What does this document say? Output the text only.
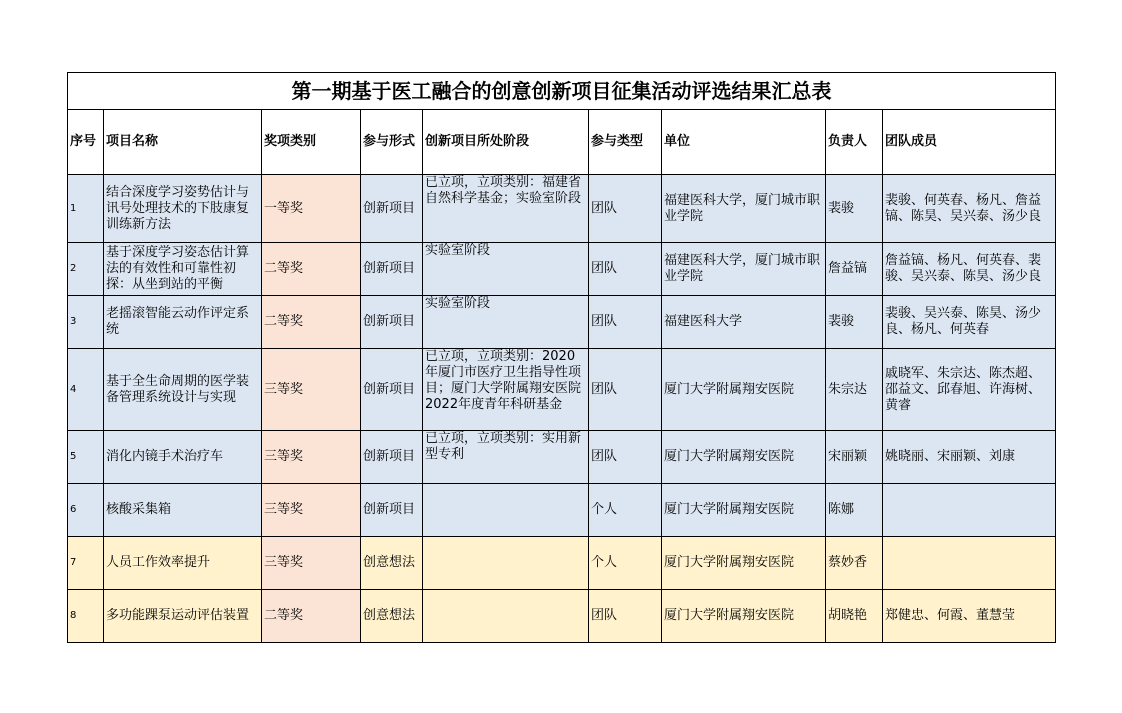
第一期基于医工融合的创意创新项目征集活动评选结果汇总表								
序号	项目名称	奖项类别	参与形式	创新项目所处阶段	参与类型	单位	负责人	团队成员
1	结合深度学习姿势估计与讯号处理技术的下肢康复训练新方法	一等奖	创新项目	已立项，立项类别：福建省自然科学基金；实验室阶段	团队	福建医科大学，厦门城市职业学院	裴骏	裴骏、何英春、杨凡、詹益镐、陈昊、吴兴泰、汤少良
2	基于深度学习姿态估计算法的有效性和可靠性初探：从坐到站的平衡	二等奖	创新项目	实验室阶段	团队	福建医科大学，厦门城市职业学院	詹益镐	詹益镐、杨凡、何英春、裴骏、吴兴泰、陈昊、汤少良
3	老摇滚智能云动作评定系统	二等奖	创新项目	实验室阶段	团队	福建医科大学	裴骏	裴骏、吴兴泰、陈昊、汤少良、杨凡、何英春
4	基于全生命周期的医学装备管理系统设计与实现	三等奖	创新项目	已立项，立项类别：2020年厦门市医疗卫生指导性项目；厦门大学附属翔安医院2022年度青年科研基金	团队	厦门大学附属翔安医院	朱宗达	戚晓军、朱宗达、陈杰超、邵益文、邱春旭、许海树、黄睿
5	消化内镜手术治疗车	三等奖	创新项目	已立项，立项类别：实用新型专利	团队	厦门大学附属翔安医院	宋丽颖	姚晓丽、宋丽颖、刘康
6	核酸采集箱	三等奖	创新项目		个人	厦门大学附属翔安医院	陈娜	
7	人员工作效率提升	三等奖	创意想法		个人	厦门大学附属翔安医院	蔡妙香	
8	多功能踝泵运动评估装置	二等奖	创意想法		团队	厦门大学附属翔安医院	胡晓艳	郑健忠、何霞、董慧莹
